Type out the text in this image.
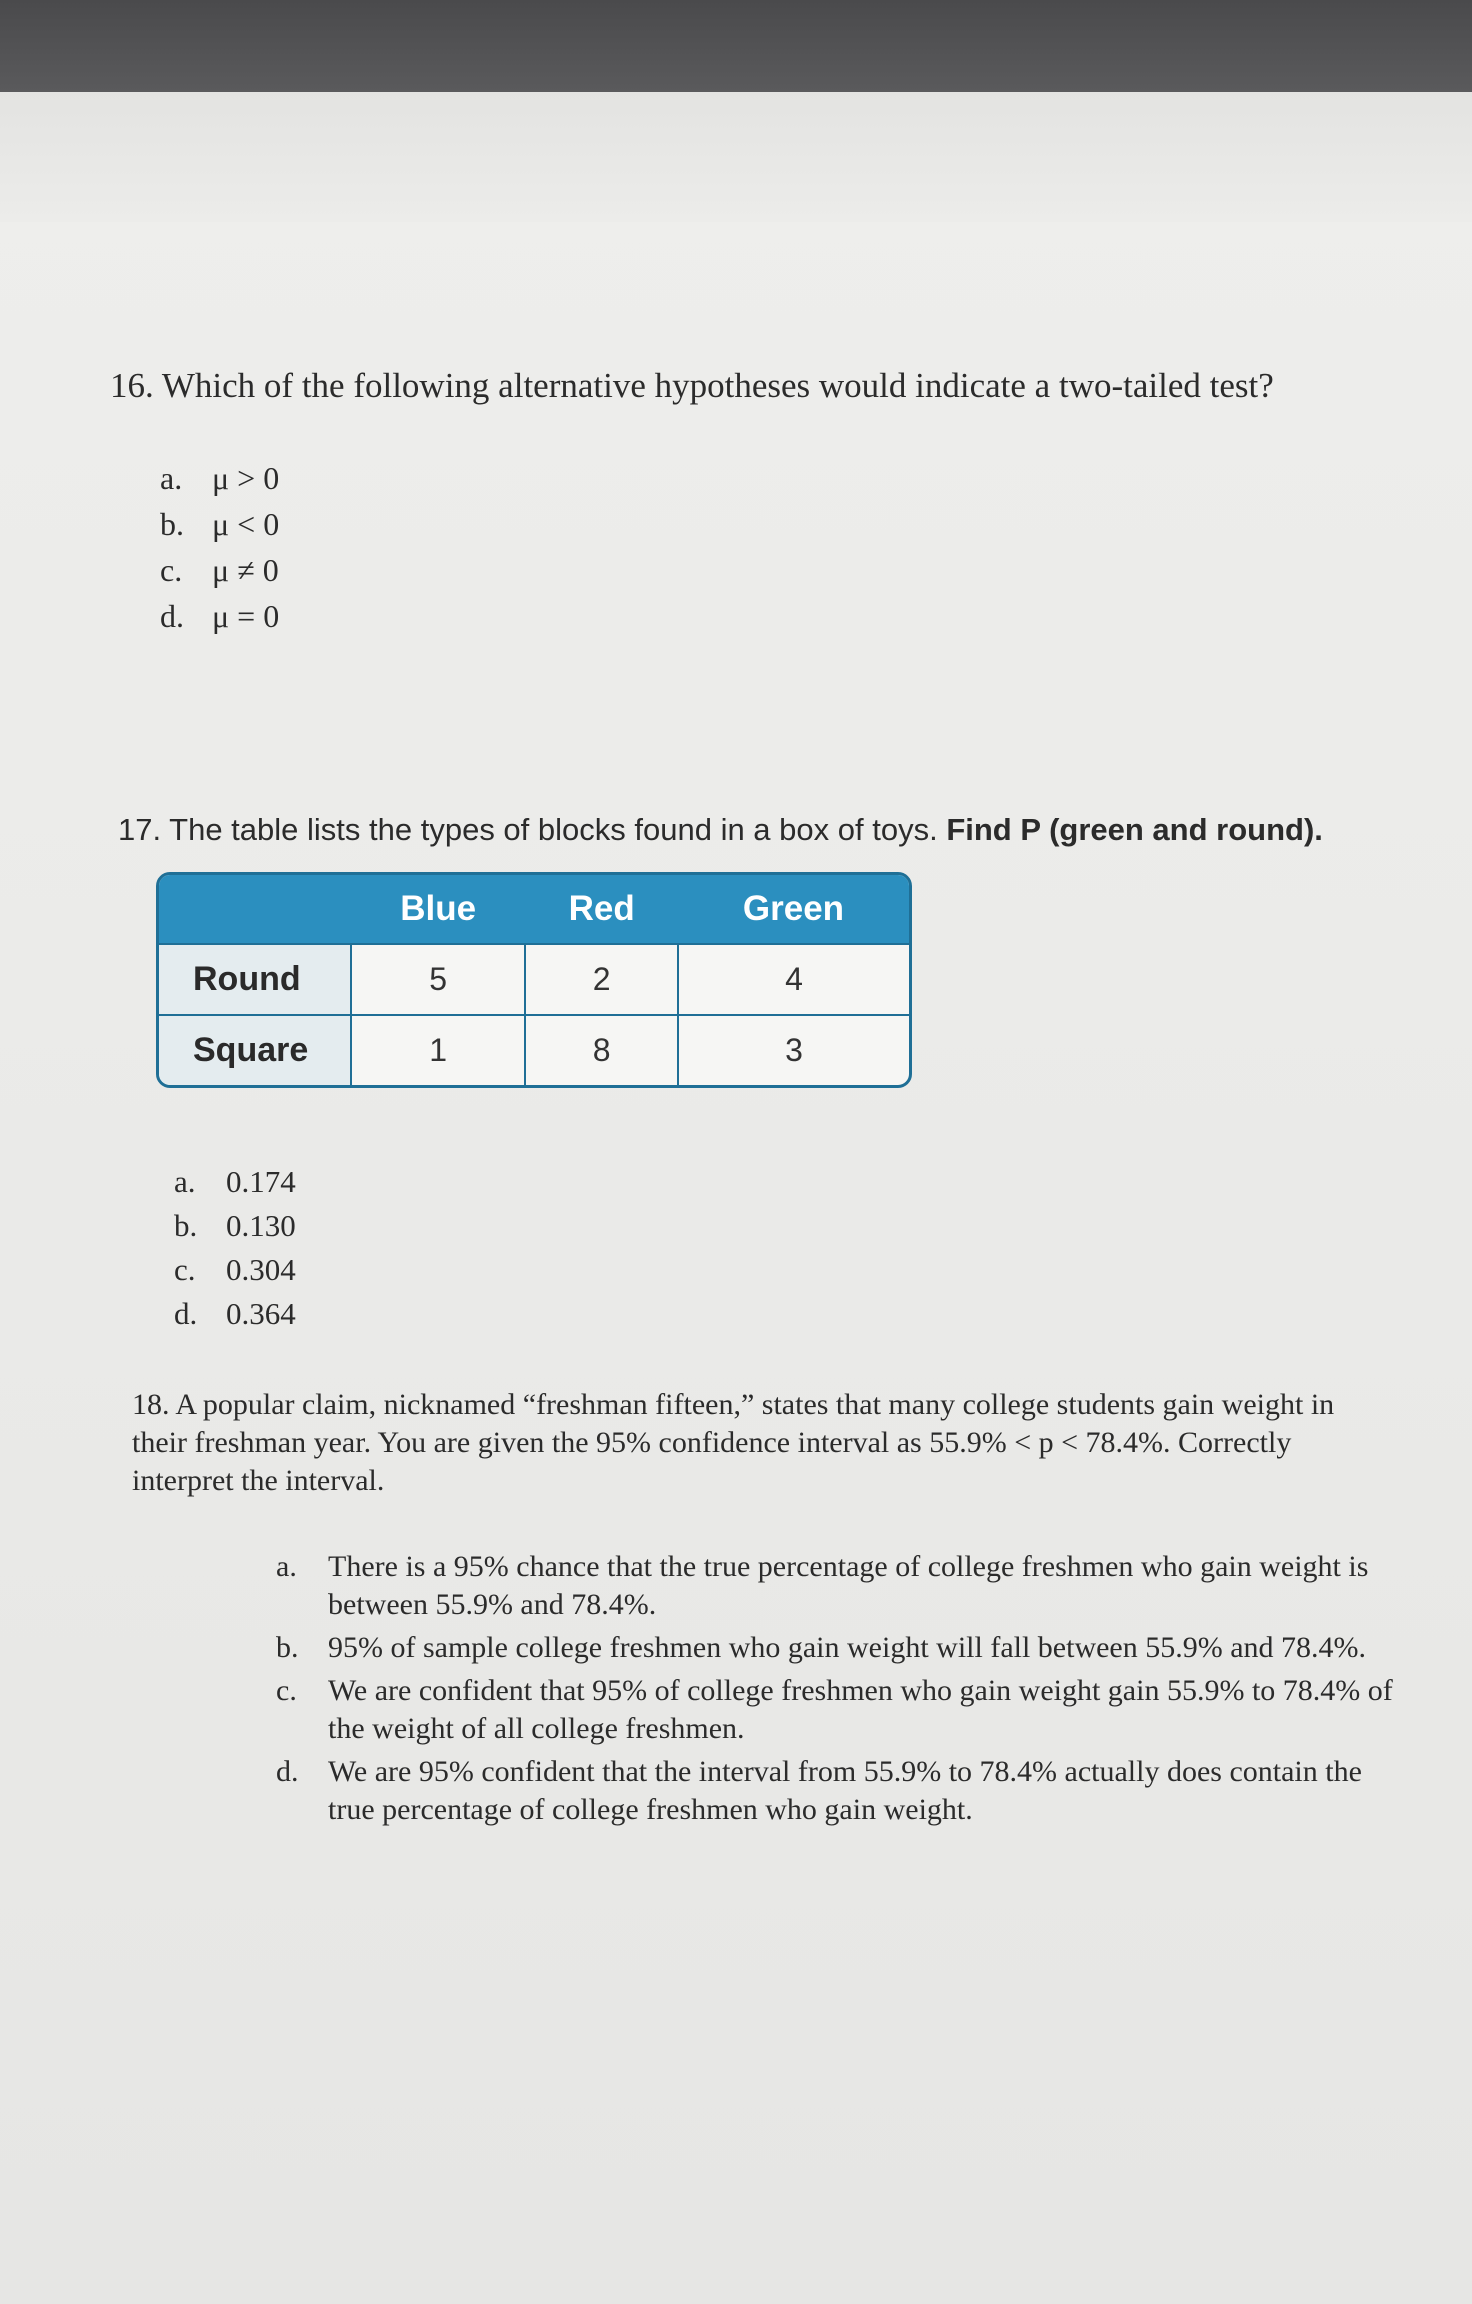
16. Which of the following alternative hypotheses would indicate a two-tailed test?
a. μ > 0
b. μ < 0
c. μ ≠ 0
d. μ = 0
17. The table lists the types of blocks found in a box of toys. Find P (green and round).
	Blue	Red	Green
Round	5	2	4
Square	1	8	3
a. 0.174
b. 0.130
c. 0.304
d. 0.364
18. A popular claim, nicknamed “freshman fifteen,” states that many college students gain weight in their freshman year. You are given the 95% confidence interval as 55.9% < p < 78.4%. Correctly interpret the interval.
a.	There is a 95% chance that the true percentage of college freshmen who gain weight is between 55.9% and 78.4%.
b. 95% of sample college freshmen who gain weight will fall between 55.9% and 78.4%.
c.	We are confident that 95% of college freshmen who gain weight gain 55.9% to 78.4% of the weight of all college freshmen.
d. We are 95% confident that the interval from 55.9% to 78.4% actually does contain the true percentage of college freshmen who gain weight.
